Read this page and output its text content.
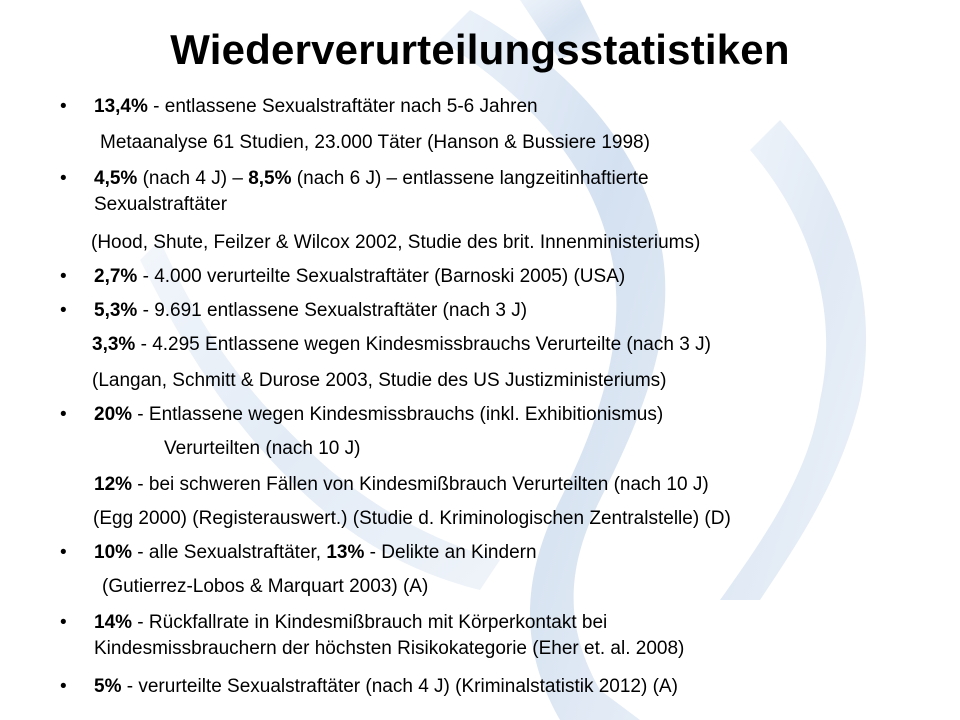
Wiederverurteilungsstatistiken
• 13,4% - entlassene Sexualstraftäter nach 5-6 Jahren
Metaanalyse 61 Studien, 23.000 Täter (Hanson & Bussiere 1998)
• 4,5% (nach 4 J) – 8,5% (nach 6 J) – entlassene langzeitinhaftierte
Sexualstraftäter
(Hood, Shute, Feilzer & Wilcox 2002, Studie des brit. Innenministeriums)
• 2,7% - 4.000 verurteilte Sexualstraftäter (Barnoski 2005) (USA)
• 5,3% - 9.691 entlassene Sexualstraftäter (nach 3 J)
3,3% - 4.295 Entlassene wegen Kindesmissbrauchs Verurteilte (nach 3 J)
(Langan, Schmitt & Durose 2003, Studie des US Justizministeriums)
• 20% - Entlassene wegen Kindesmissbrauchs (inkl. Exhibitionismus)
Verurteilten (nach 10 J)
12% - bei schweren Fällen von Kindesmißbrauch Verurteilten (nach 10 J)
(Egg 2000) (Registerauswert.) (Studie d. Kriminologischen Zentralstelle) (D)
• 10% - alle Sexualstraftäter, 13% - Delikte an Kindern
(Gutierrez-Lobos & Marquart 2003) (A)
• 14% - Rückfallrate in Kindesmißbrauch mit Körperkontakt bei
Kindesmissbrauchern der höchsten Risikokategorie (Eher et. al. 2008)
• 5% - verurteilte Sexualstraftäter (nach 4 J) (Kriminalstatistik 2012) (A)
